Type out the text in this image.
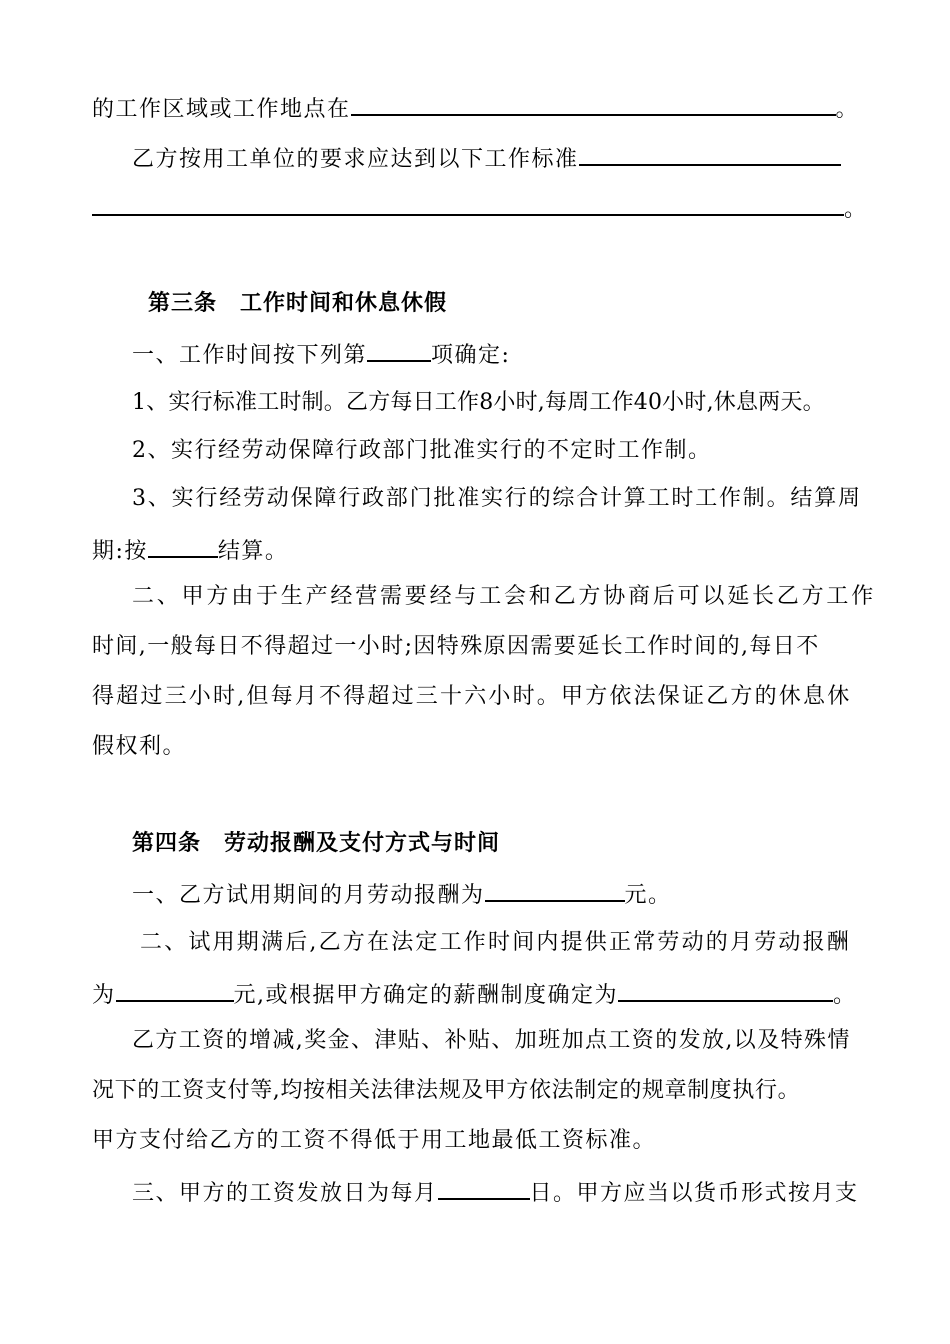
的工作区域或工作地点在	。
乙方按用工单位的要求应达到以下工作标准
。
第三条　工作时间和休息休假
一、工作时间按下列第	项确定:
1、实行标准工时制。乙方每日工作8小时,每周工作40小时,休息两天。
2、实行经劳动保障行政部门批准实行的不定时工作制。
3、实行经劳动保障行政部门批准实行的综合计算工时工作制。结算周
期:按	结算。
二、甲方由于生产经营需要经与工会和乙方协商后可以延长乙方工作
时间,一般每日不得超过一小时;因特殊原因需要延长工作时间的,每日不
得超过三小时,但每月不得超过三十六小时。甲方依法保证乙方的休息休
假权利。
第四条　劳动报酬及支付方式与时间
一、乙方试用期间的月劳动报酬为	元。
二、试用期满后,乙方在法定工作时间内提供正常劳动的月劳动报酬
为	元,或根据甲方确定的薪酬制度确定为	。
乙方工资的增减,奖金、津贴、补贴、加班加点工资的发放,以及特殊情
况下的工资支付等,均按相关法律法规及甲方依法制定的规章制度执行。
甲方支付给乙方的工资不得低于用工地最低工资标准。
三、甲方的工资发放日为每月	日。甲方应当以货币形式按月支
